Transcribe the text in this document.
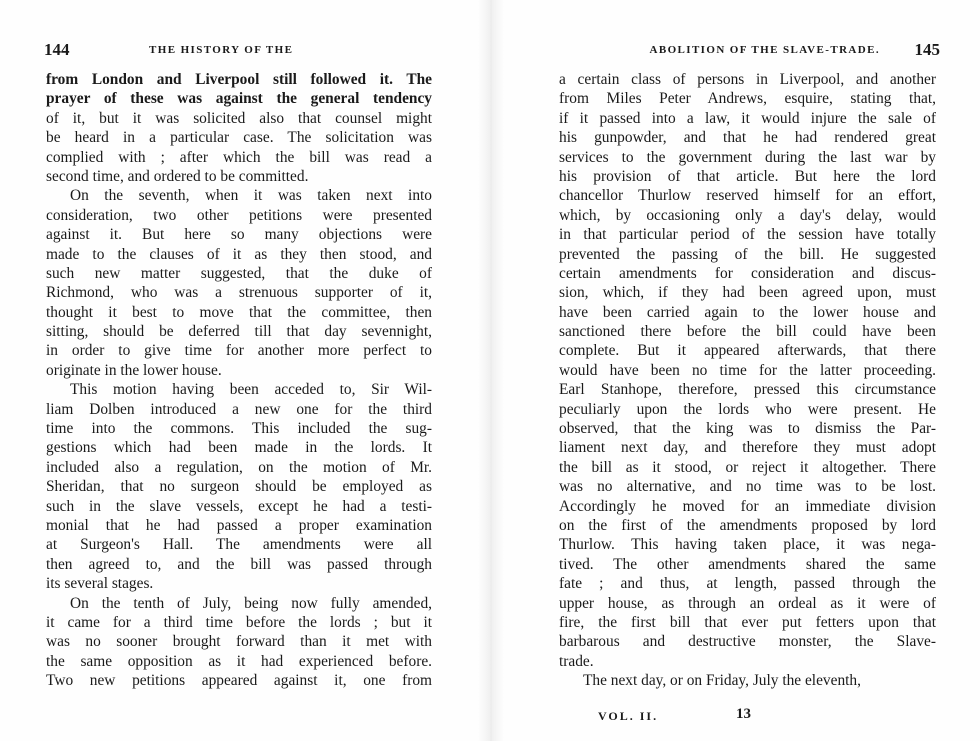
144	THE HISTORY OF THE
from London and Liverpool still followed it. The
prayer of these was against the general tendency
of it, but it was solicited also that counsel might
be heard in a particular case. The solicitation was
complied with ; after which the bill was read a
second time, and ordered to be committed.
On the seventh, when it was taken next into
consideration, two other petitions were presented
against it. But here so many objections were
made to the clauses of it as they then stood, and
such new matter suggested, that the duke of
Richmond, who was a strenuous supporter of it,
thought it best to move that the committee, then
sitting, should be deferred till that day sevennight,
in order to give time for another more perfect to
originate in the lower house.
This motion having been acceded to, Sir Wil-
liam Dolben introduced a new one for the third
time into the commons. This included the sug-
gestions which had been made in the lords. It
included also a regulation, on the motion of Mr.
Sheridan, that no surgeon should be employed as
such in the slave vessels, except he had a testi-
monial that he had passed a proper examination
at Surgeon's Hall. The amendments were all
then agreed to, and the bill was passed through
its several stages.
On the tenth of July, being now fully amended,
it came for a third time before the lords ; but it
was no sooner brought forward than it met with
the same opposition as it had experienced before.
Two new petitions appeared against it, one from
ABOLITION OF THE SLAVE-TRADE. 145
a certain class of persons in Liverpool, and another
from Miles Peter Andrews, esquire, stating that,
if it passed into a law, it would injure the sale of
his gunpowder, and that he had rendered great
services to the government during the last war by
his provision of that article. But here the lord
chancellor Thurlow reserved himself for an effort,
which, by occasioning only a day's delay, would
in that particular period of the session have totally
prevented the passing of the bill. He suggested
certain amendments for consideration and discus-
sion, which, if they had been agreed upon, must
have been carried again to the lower house and
sanctioned there before the bill could have been
complete. But it appeared afterwards, that there
would have been no time for the latter proceeding.
Earl Stanhope, therefore, pressed this circumstance
peculiarly upon the lords who were present. He
observed, that the king was to dismiss the Par-
liament next day, and therefore they must adopt
the bill as it stood, or reject it altogether. There
was no alternative, and no time was to be lost.
Accordingly he moved for an immediate division
on the first of the amendments proposed by lord
Thurlow. This having taken place, it was nega-
tived. The other amendments shared the same
fate ; and thus, at length, passed through the
upper house, as through an ordeal as it were of
fire, the first bill that ever put fetters upon that
barbarous and destructive monster, the Slave-
trade.
The next day, or on Friday, July the eleventh,
VOL. II.	13
